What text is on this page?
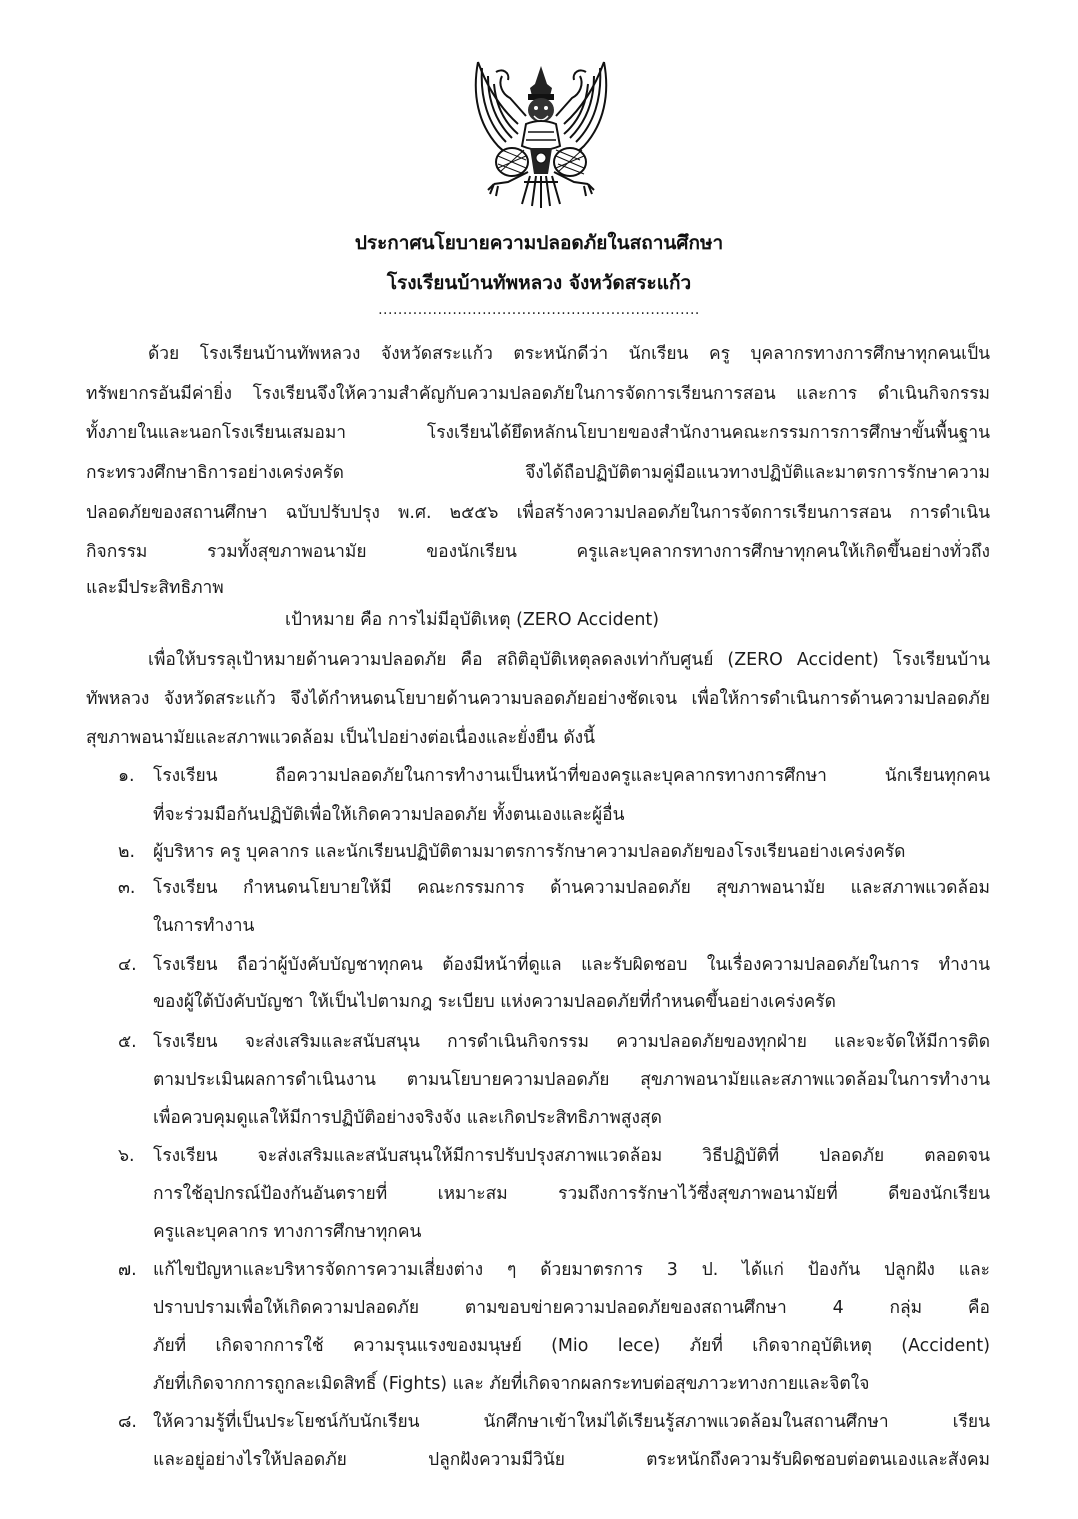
ประกาศนโยบายความปลอดภัยในสถานศึกษา
โรงเรียนบ้านทัพหลวง จังหวัดสระแก้ว
.................................................................
ด้วย โรงเรียนบ้านทัพหลวง จังหวัดสระแก้ว ตระหนักดีว่า นักเรียน ครู บุคลากรทางการศึกษาทุกคนเป็น
ทรัพยากรอันมีค่ายิ่ง โรงเรียนจึงให้ความสำคัญกับความปลอดภัยในการจัดการเรียนการสอน และการ ดำเนินกิจกรรม
ทั้งภายในและนอกโรงเรียนเสมอมา โรงเรียนได้ยึดหลักนโยบายของสำนักงานคณะกรรมการการศึกษาขั้นพื้นฐาน
กระทรวงศึกษาธิการอย่างเคร่งครัด จึงได้ถือปฏิบัติตามคู่มือแนวทางปฏิบัติและมาตรการรักษาความ
ปลอดภัยของสถานศึกษา ฉบับปรับปรุง พ.ศ. ๒๕๕๖ เพื่อสร้างความปลอดภัยในการจัดการเรียนการสอน การดำเนิน
กิจกรรม รวมทั้งสุขภาพอนามัย ของนักเรียน ครูและบุคลากรทางการศึกษาทุกคนให้เกิดขึ้นอย่างทั่วถึง
และมีประสิทธิภาพ
เป้าหมาย คือ การไม่มีอุบัติเหตุ (ZERO Accident)
เพื่อให้บรรลุเป้าหมายด้านความปลอดภัย คือ สถิติอุบัติเหตุลดลงเท่ากับศูนย์ (ZERO Accident) โรงเรียนบ้าน
ทัพหลวง จังหวัดสระแก้ว จึงได้กำหนดนโยบายด้านความบลอดภัยอย่างชัดเจน เพื่อให้การดำเนินการด้านความปลอดภัย
สุขภาพอนามัยและสภาพแวดล้อม เป็นไปอย่างต่อเนื่องและยั่งยืน ดังนี้
๑. โรงเรียน ถือความปลอดภัยในการทำงานเป็นหน้าที่ของครูและบุคลากรทางการศึกษา นักเรียนทุกคน
ที่จะร่วมมือกันปฏิบัติเพื่อให้เกิดความปลอดภัย ทั้งตนเองและผู้อื่น
๒. ผู้บริหาร ครู บุคลากร และนักเรียนปฏิบัติตามมาตรการรักษาความปลอดภัยของโรงเรียนอย่างเคร่งครัด
๓. โรงเรียน กำหนดนโยบายให้มี คณะกรรมการ ด้านความปลอดภัย สุขภาพอนามัย และสภาพแวดล้อม
ในการทำงาน
๔. โรงเรียน ถือว่าผู้บังคับบัญชาทุกคน ต้องมีหน้าที่ดูแล และรับผิดชอบ ในเรื่องความปลอดภัยในการ ทำงาน
ของผู้ใต้บังคับบัญชา ให้เป็นไปตามกฎ ระเบียบ แห่งความปลอดภัยที่กำหนดขึ้นอย่างเคร่งครัด
๕. โรงเรียน จะส่งเสริมและสนับสนุน การดำเนินกิจกรรม ความปลอดภัยของทุกฝ่าย และจะจัดให้มีการติด
ตามประเมินผลการดำเนินงาน ตามนโยบายความปลอดภัย สุขภาพอนามัยและสภาพแวดล้อมในการทำงาน
เพื่อควบคุมดูแลให้มีการปฏิบัติอย่างจริงจัง และเกิดประสิทธิภาพสูงสุด
๖. โรงเรียน จะส่งเสริมและสนับสนุนให้มีการปรับปรุงสภาพแวดล้อม วิธีปฏิบัติที่ ปลอดภัย ตลอดจน
การใช้อุปกรณ์ป้องกันอันตรายที่ เหมาะสม รวมถึงการรักษาไว้ซึ่งสุขภาพอนามัยที่ ดีของนักเรียน
ครูและบุคลากร ทางการศึกษาทุกคน
๗. แก้ไขปัญหาและบริหารจัดการความเสี่ยงต่าง ๆ ด้วยมาตรการ 3 ป. ได้แก่ ป้องกัน ปลูกฝัง และ
ปราบปรามเพื่อให้เกิดความปลอดภัย ตามขอบข่ายความปลอดภัยของสถานศึกษา 4 กลุ่ม คือ
ภัยที่ เกิดจากการใช้ ความรุนแรงของมนุษย์ (Mio lece) ภัยที่ เกิดจากอุบัติเหตุ (Accident)
ภัยที่เกิดจากการถูกละเมิดสิทธิ์ (Fights) และ ภัยที่เกิดจากผลกระทบต่อสุขภาวะทางกายและจิตใจ
๘. ให้ความรู้ที่เป็นประโยชน์กับนักเรียน นักศึกษาเข้าใหม่ได้เรียนรู้สภาพแวดล้อมในสถานศึกษา เรียน
และอยู่อย่างไรให้ปลอดภัย ปลูกฝังความมีวินัย ตระหนักถึงความรับผิดชอบต่อตนเองและสังคม
